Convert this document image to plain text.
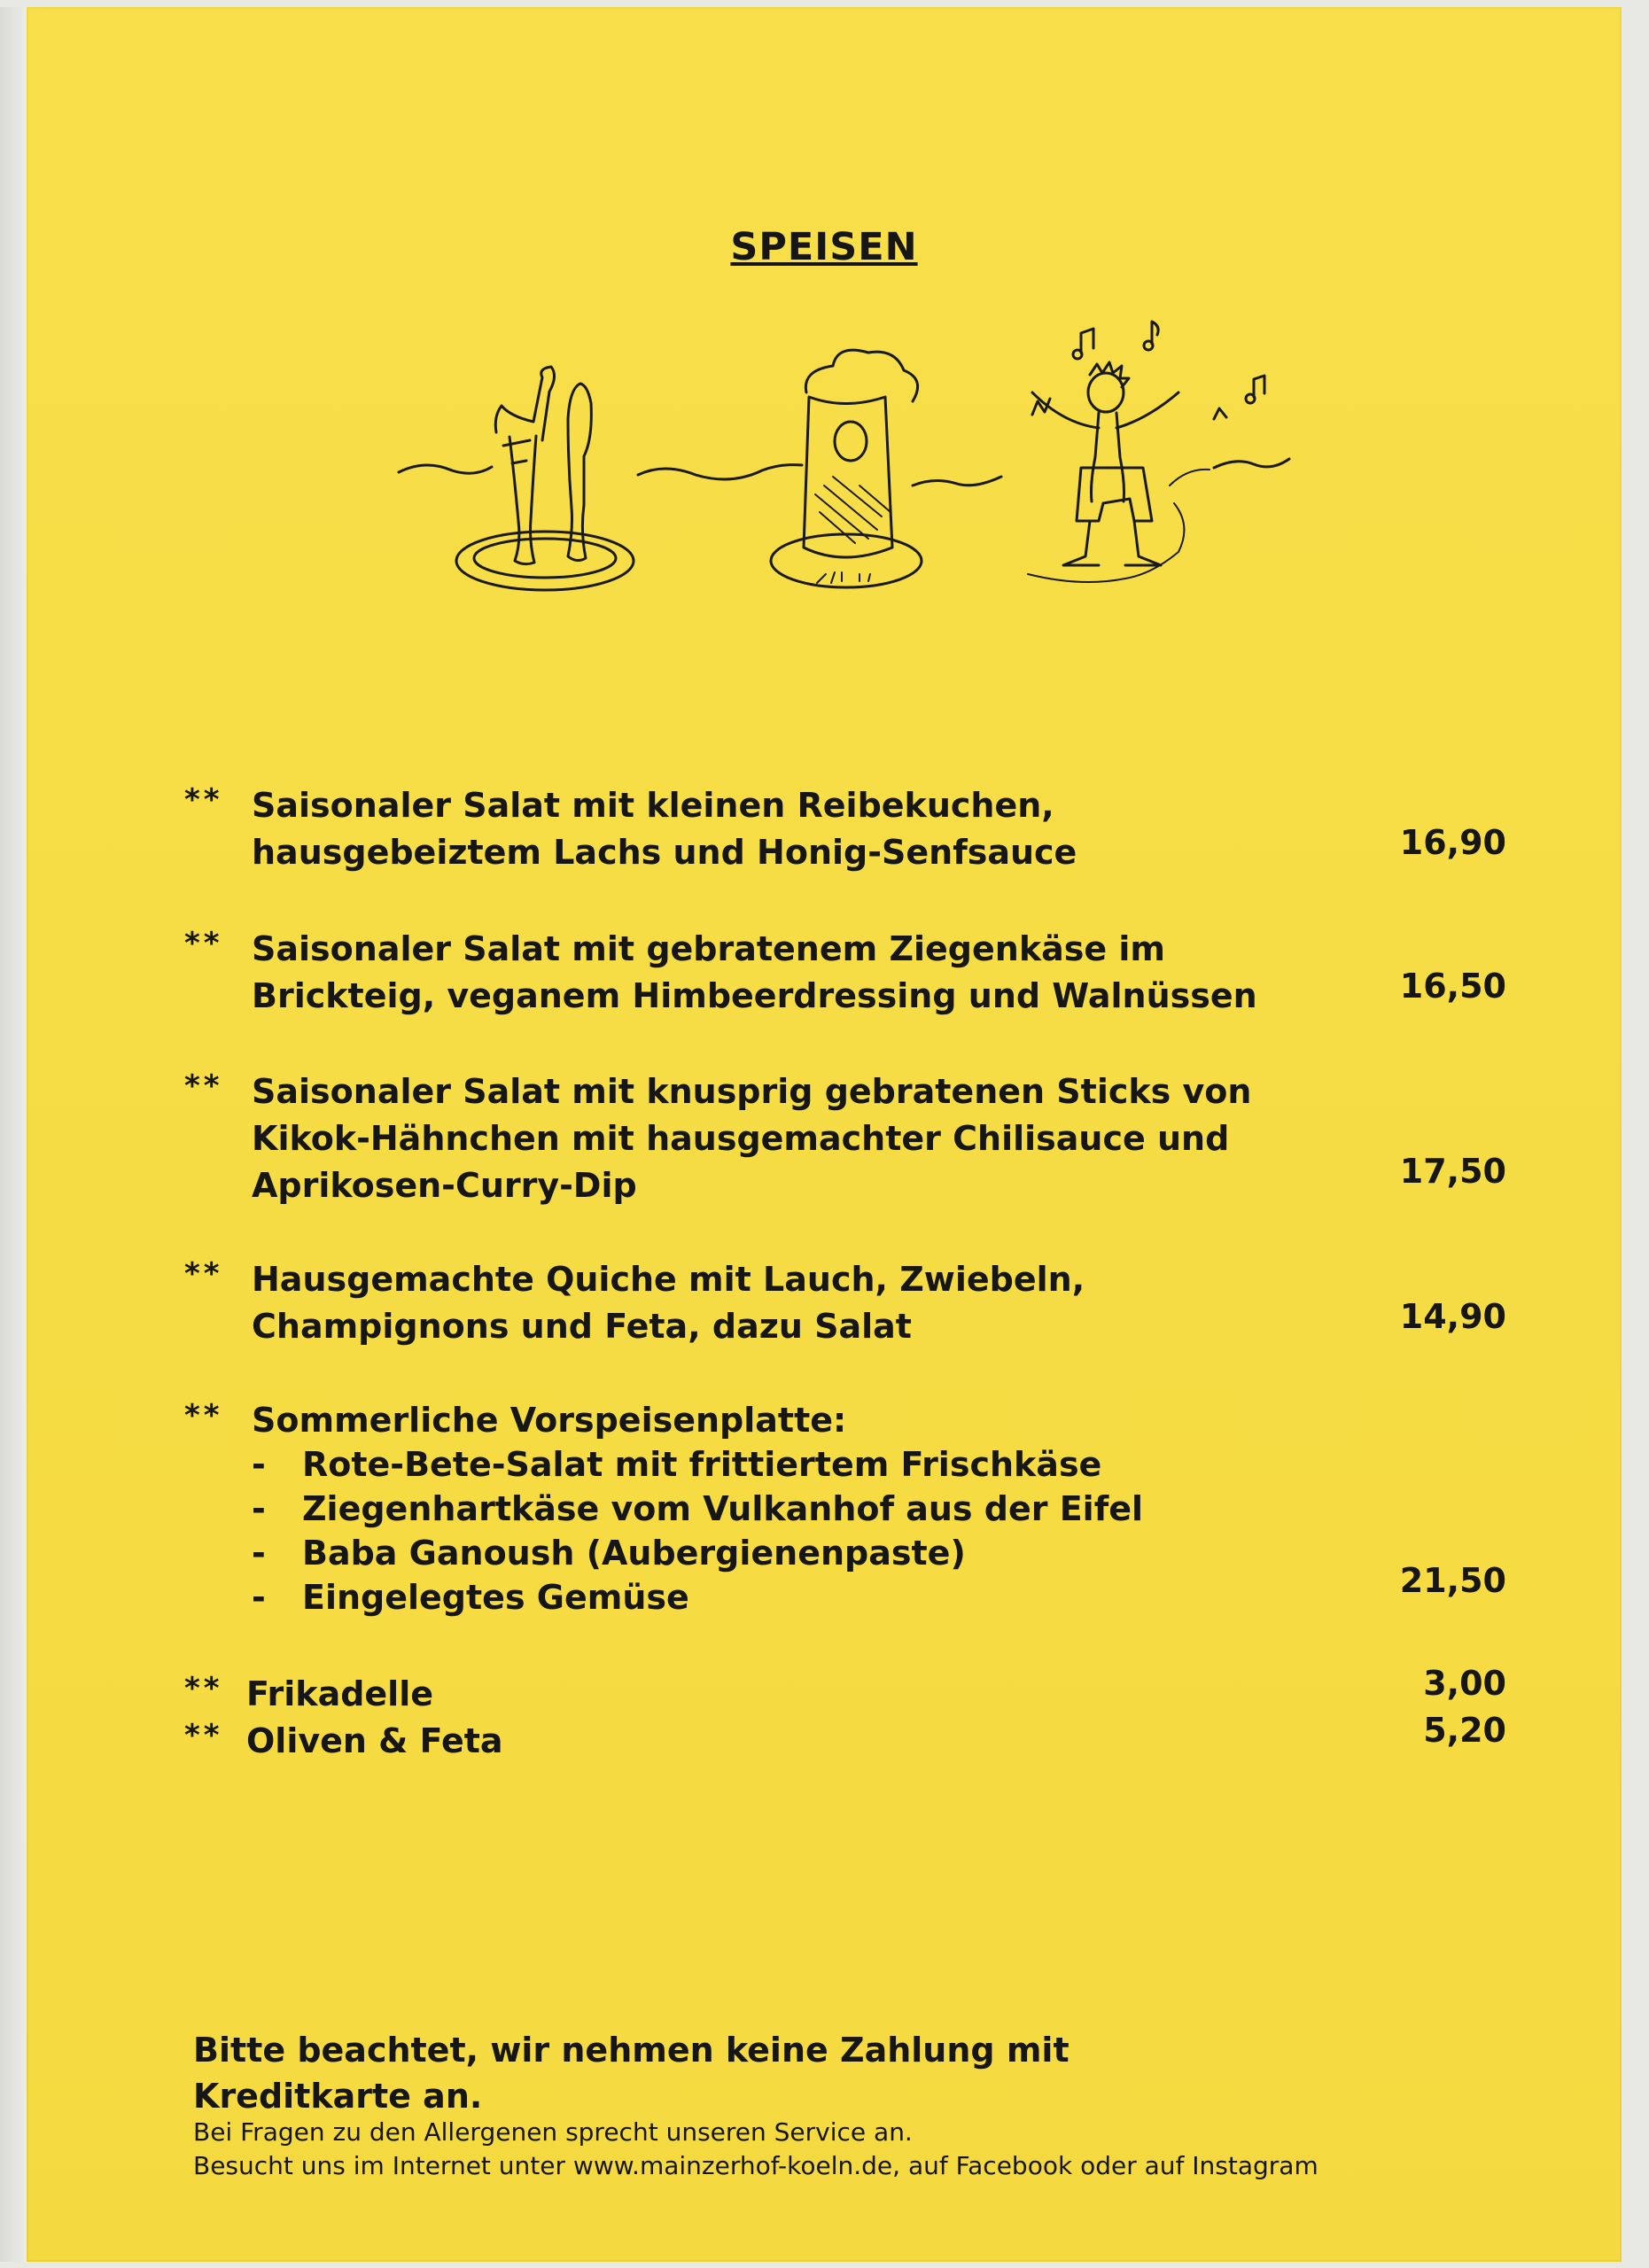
SPEISEN
** Saisonaler Salat mit kleinen Reibekuchen,
hausgebeiztem Lachs und Honig-Senfsauce	16,90
** Saisonaler Salat mit gebratenem Ziegenkäse im
Brickteig, veganem Himbeerdressing und Walnüssen	16,50
** Saisonaler Salat mit knusprig gebratenen Sticks von
Kikok-Hähnchen mit hausgemachter Chilisauce und
Aprikosen-Curry-Dip	17,50
** Hausgemachte Quiche mit Lauch, Zwiebeln,
Champignons und Feta, dazu Salat	14,90
** Sommerliche Vorspeisenplatte:
- Rote-Bete-Salat mit frittiertem Frischkäse
- Ziegenhartkäse vom Vulkanhof aus der Eifel
- Baba Ganoush (Aubergienenpaste)
- Eingelegtes Gemüse	21,50
** Frikadelle	3,00
** Oliven & Feta	5,20
Bitte beachtet, wir nehmen keine Zahlung mit
Kreditkarte an.
Bei Fragen zu den Allergenen sprecht unseren Service an.
Besucht uns im Internet unter www.mainzerhof-koeln.de, auf Facebook oder auf Instagram
